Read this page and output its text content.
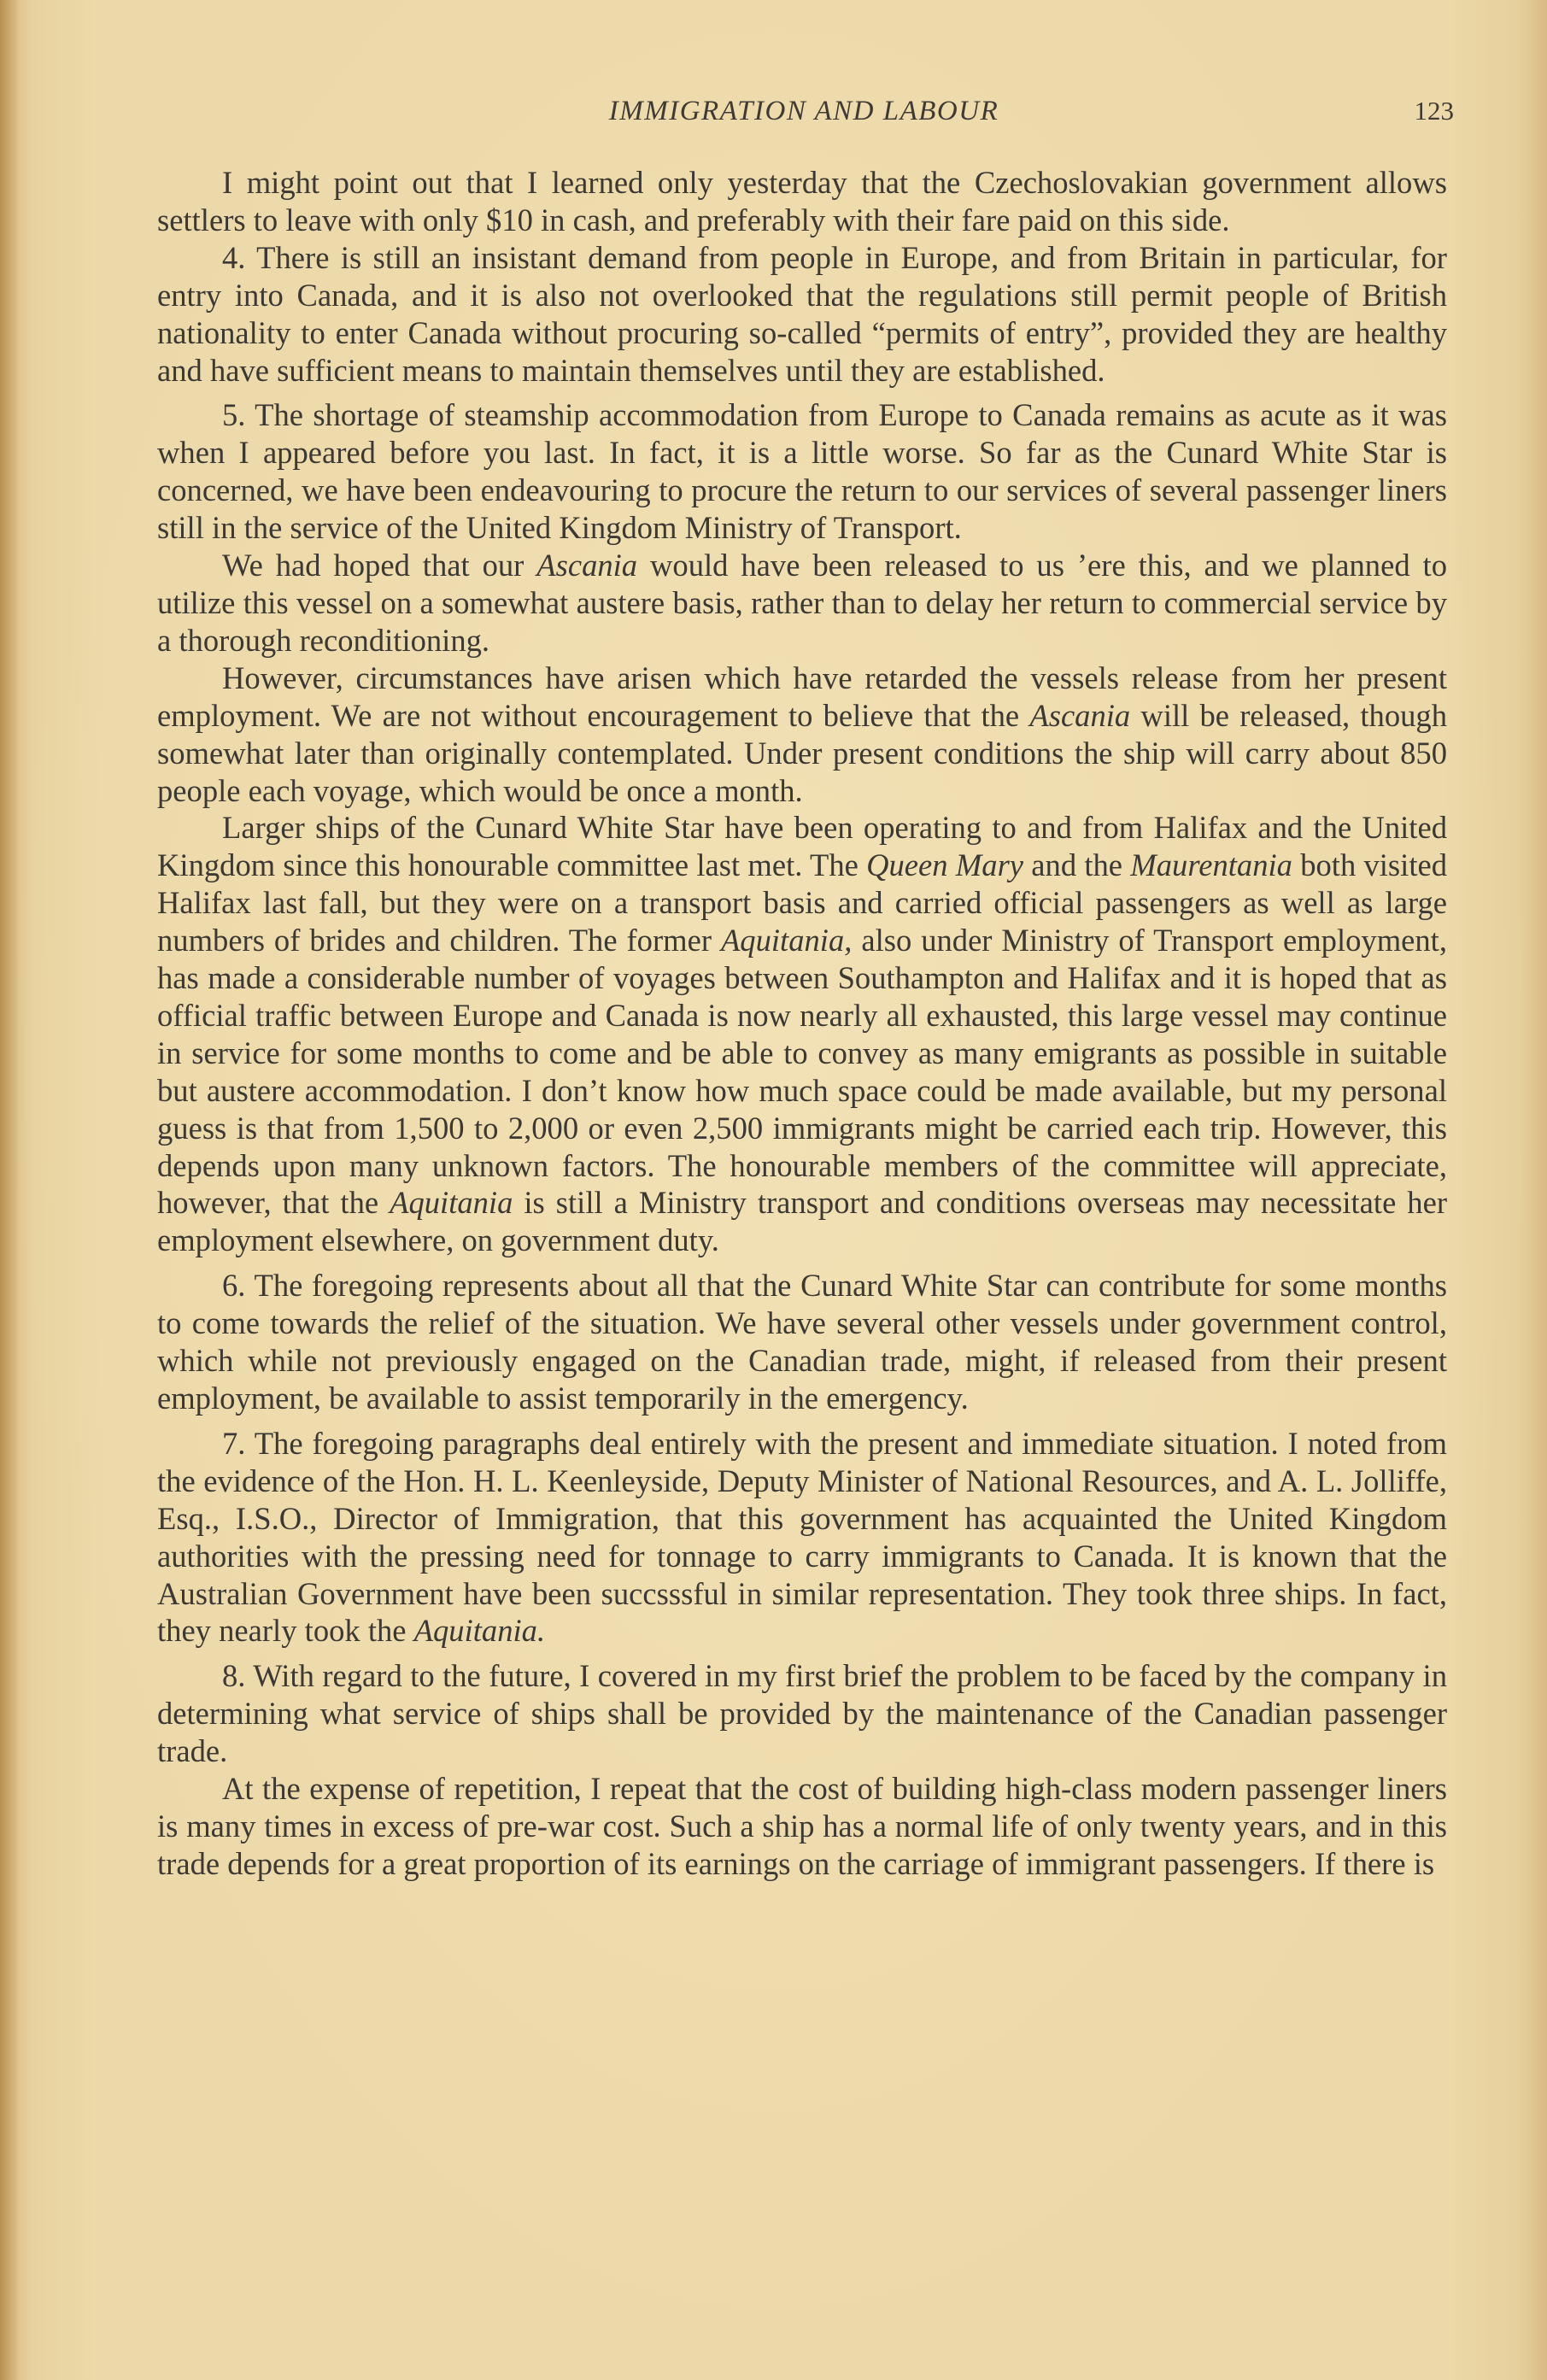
IMMIGRATION AND LABOUR	123

I might point out that I learned only yesterday that the Czechoslovakian government allows settlers to leave with only $10 in cash, and preferably with their fare paid on this side.

4. There is still an insistant demand from people in Europe, and from Britain in particular, for entry into Canada, and it is also not overlooked that the regulations still permit people of British nationality to enter Canada without procuring so-called “permits of entry”, provided they are healthy and have sufficient means to maintain themselves until they are established.

5. The shortage of steamship accommodation from Europe to Canada remains as acute as it was when I appeared before you last. In fact, it is a little worse. So far as the Cunard White Star is concerned, we have been endeavouring to procure the return to our services of several passenger liners still in the service of the United Kingdom Ministry of Transport.

We had hoped that our Ascania would have been released to us ’ere this, and we planned to utilize this vessel on a somewhat austere basis, rather than to delay her return to commercial service by a thorough reconditioning.

However, circumstances have arisen which have retarded the vessels release from her present employment. We are not without encouragement to believe that the Ascania will be released, though somewhat later than originally contemplated. Under present conditions the ship will carry about 850 people each voyage, which would be once a month.

Larger ships of the Cunard White Star have been operating to and from Halifax and the United Kingdom since this honourable committee last met. The Queen Mary and the Maurentania both visited Halifax last fall, but they were on a transport basis and carried official passengers as well as large numbers of brides and children. The former Aquitania, also under Ministry of Transport employment, has made a considerable number of voyages between Southampton and Halifax and it is hoped that as official traffic between Europe and Canada is now nearly all exhausted, this large vessel may continue in service for some months to come and be able to convey as many emigrants as possible in suitable but austere accommodation. I don’t know how much space could be made available, but my personal guess is that from 1,500 to 2,000 or even 2,500 immigrants might be carried each trip. However, this depends upon many unknown factors. The honourable members of the committee will appreciate, however, that the Aquitania is still a Ministry transport and conditions overseas may necessitate her employment elsewhere, on government duty.

6. The foregoing represents about all that the Cunard White Star can contribute for some months to come towards the relief of the situation. We have several other vessels under government control, which while not previously engaged on the Canadian trade, might, if released from their present employment, be available to assist temporarily in the emergency.

7. The foregoing paragraphs deal entirely with the present and immediate situation. I noted from the evidence of the Hon. H. L. Keenleyside, Deputy Minister of National Resources, and A. L. Jolliffe, Esq., I.S.O., Director of Immigration, that this government has acquainted the United Kingdom authorities with the pressing need for tonnage to carry immigrants to Canada. It is known that the Australian Government have been succsssful in similar representation. They took three ships. In fact, they nearly took the Aquitania.

8. With regard to the future, I covered in my first brief the problem to be faced by the company in determining what service of ships shall be provided by the maintenance of the Canadian passenger trade.

At the expense of repetition, I repeat that the cost of building high-class modern passenger liners is many times in excess of pre-war cost. Such a ship has a normal life of only twenty years, and in this trade depends for a great proportion of its earnings on the carriage of immigrant passengers. If there is
